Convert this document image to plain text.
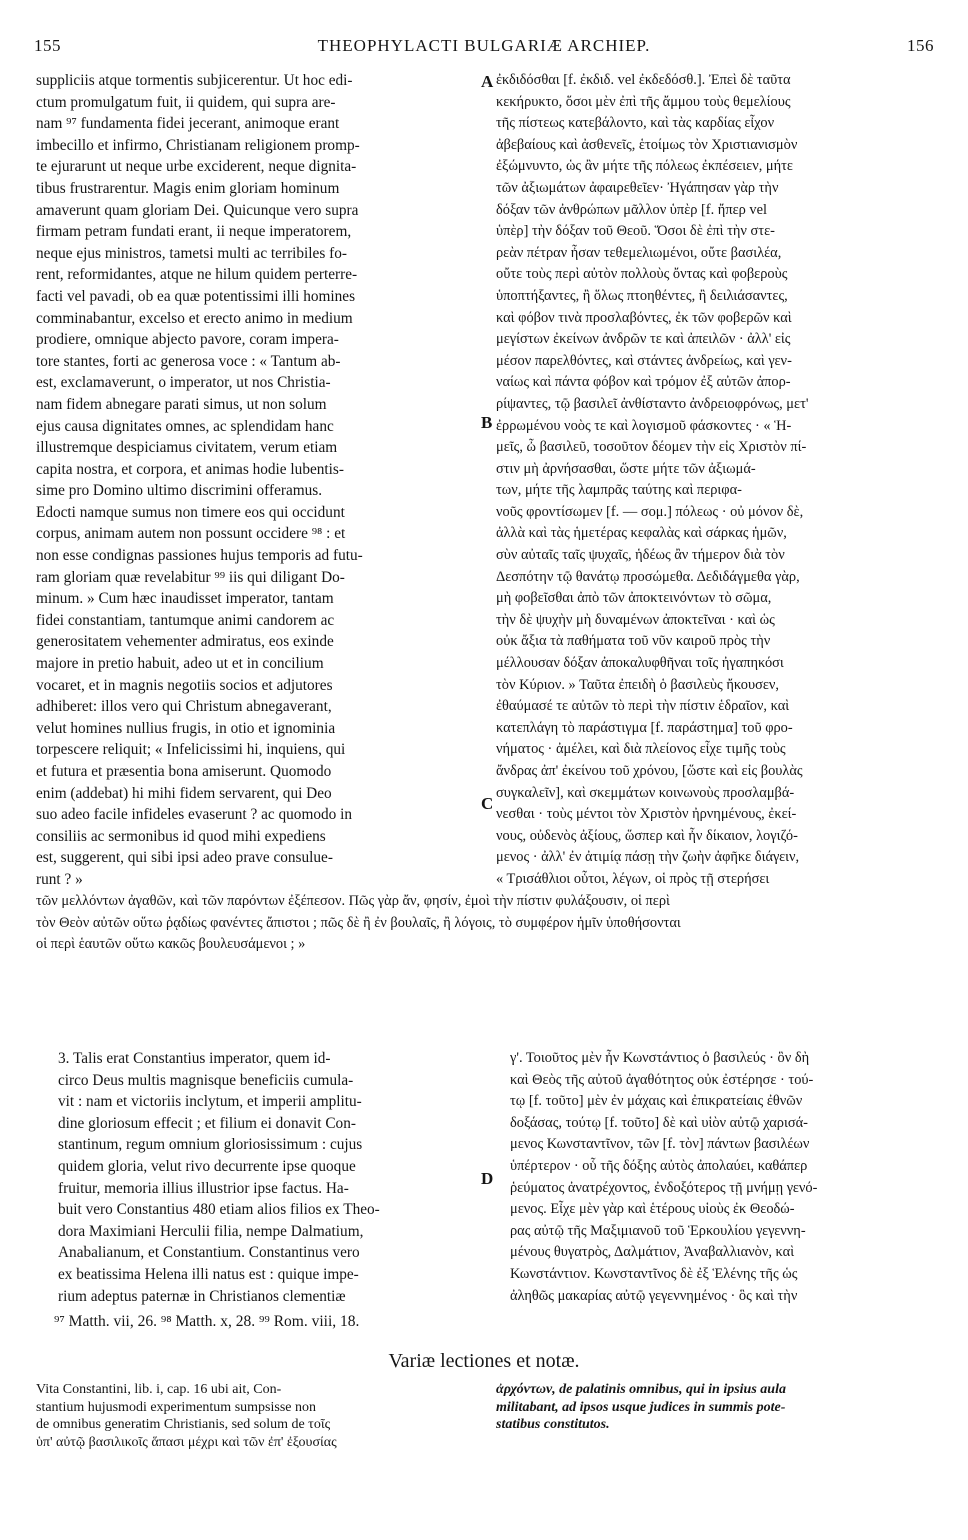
155	THEOPHYLACTI BULGARIÆ ARCHIEP.	156
suppliciis atque tormentis subjicerentur. Ut hoc edi-
ctum promulgatum fuit, ii quidem, qui supra are-
nam ⁹⁷ fundamenta fidei jecerant, animoque erant
imbecillo et infirmo, Christianam religionem promp-
te ejurarunt ut neque urbe exciderent, neque dignita-
tibus frustrarentur. Magis enim gloriam hominum
amaverunt quam gloriam Dei. Quicunque vero supra
firmam petram fundati erant, ii neque imperatorem,
neque ejus ministros, tametsi multi ac terribiles fo-
rent, reformidantes, atque ne hilum quidem perterre-
facti vel pavadi, ob ea quæ potentissimi illi homines
comminabantur, excelso et erecto animo in medium
prodiere, omnique abjecto pavore, coram impera-
tore stantes, forti ac generosa voce : « Tantum ab-
est, exclamaverunt, o imperator, ut nos Christia-
nam fidem abnegare parati simus, ut non solum
ejus causa dignitates omnes, ac splendidam hanc
illustremque despiciamus civitatem, verum etiam
capita nostra, et corpora, et animas hodie lubentis-
sime pro Domino ultimo discrimini offeramus.
Edocti namque sumus non timere eos qui occidunt
corpus, animam autem non possunt occidere ⁹⁸ : et
non esse condignas passiones hujus temporis ad futu-
ram gloriam quæ revelabitur ⁹⁹ iis qui diligant Do-
minum. » Cum hæc inaudisset imperator, tantam
fidei constantiam, tantumque animi candorem ac
generositatem vehementer admiratus, eos exinde
majore in pretio habuit, adeo ut et in concilium
vocaret, et in magnis negotiis socios et adjutores
adhiberet: illos vero qui Christum abnegaverant,
velut homines nullius frugis, in otio et ignominia
torpescere reliquit; « Infelicissimi hi, inquiens, qui
et futura et præsentia bona amiserunt. Quomodo
enim (addebat) hi mihi fidem servarent, qui Deo
suo adeo facile infideles evaserunt ? ac quomodo in
consiliis ac sermonibus id quod mihi expediens
est, suggerent, qui sibi ipsi adeo prave consulue-
runt ? »
ἐκδιδόσθαι [f. ἐκδιδ. vel ἐκδεδόσθ.]. Ἐπεὶ δὲ ταῦτα
κεκήρυκτο, ὅσοι μὲν ἐπὶ τῆς ἄμμου τοὺς θεμελίους
τῆς πίστεως κατεβάλοντο, καὶ τὰς καρδίας εἶχον
ἀβεβαίους καὶ ἀσθενεῖς, ἑτοίμως τὸν Χριστιανισμὸν
ἐξώμνυντο, ὡς ἂν μήτε τῆς πόλεως ἐκπέσειεν, μήτε
τῶν ἀξιωμάτων ἀφαιρεθεῖεν· Ἠγάπησαν γὰρ τὴν
δόξαν τῶν ἀνθρώπων μᾶλλον ὑπὲρ [f. ἤπερ vel
ὑπὲρ] τὴν δόξαν τοῦ Θεοῦ. Ὅσοι δὲ ἐπὶ τὴν στε-
ρεὰν πέτραν ἦσαν τεθεμελιωμένοι, οὔτε βασιλέα,
οὔτε τοὺς περὶ αὐτὸν πολλοὺς ὄντας καὶ φοβεροὺς
ὑποπτήξαντες, ἢ ὅλως πτοηθέντες, ἢ δειλιάσαντες,
καὶ φόβον τινὰ προσλαβόντες, ἐκ τῶν φοβερῶν καὶ
μεγίστων ἐκείνων ἀνδρῶν τε καὶ ἀπειλῶν · ἀλλ' εἰς
μέσον παρελθόντες, καὶ στάντες ἀνδρείως, καὶ γεν-
ναίως καὶ πάντα φόβον καὶ τρόμον ἐξ αὐτῶν ἀπορ-
ρίψαντες, τῷ βασιλεῖ ἀνθίσταντο ἀνδρειοφρόνως, μετ'
ἐρρωμένου νοὸς τε καὶ λογισμοῦ φάσκοντες · « Ἡ-
μεῖς, ὦ βασιλεῦ, τοσοῦτον δέομεν τὴν εἰς Χριστὸν πί-
στιν μὴ ἀρνήσασθαι, ὥστε μήτε τῶν ἀξιωμά-
των, μήτε τῆς λαμπρᾶς ταύτης καὶ περιφα-
νοῦς φροντίσωμεν [f. — σομ.] πόλεως · οὐ μόνον δὲ,
ἀλλὰ καὶ τὰς ἡμετέρας κεφαλὰς καὶ σάρκας ἡμῶν,
σὺν αὐταῖς ταῖς ψυχαῖς, ἡδέως ἂν τήμερον διὰ τὸν
Δεσπότην τῷ θανάτῳ προσώμεθα. Δεδιδάγμεθα γὰρ,
μὴ φοβεῖσθαι ἀπὸ τῶν ἀποκτεινόντων τὸ σῶμα,
τὴν δὲ ψυχὴν μὴ δυναμένων ἀποκτεῖναι · καὶ ὡς
οὐκ ἄξια τὰ παθήματα τοῦ νῦν καιροῦ πρὸς τὴν
μέλλουσαν δόξαν ἀποκαλυφθῆναι τοῖς ἠγαπηκόσι
τὸν Κύριον. » Ταῦτα ἐπειδὴ ὁ βασιλεὺς ἤκουσεν,
ἐθαύμασέ τε αὐτῶν τὸ περὶ τὴν πίστιν ἑδραῖον, καὶ
κατεπλάγη τὸ παράστιγμα [f. παράστημα] τοῦ φρο-
νήματος · ἀμέλει, καὶ διὰ πλείονος εἶχε τιμῆς τοὺς
ἄνδρας ἀπ' ἐκείνου τοῦ χρόνου, [ὥστε καὶ εἰς βουλὰς
συγκαλεῖν], καὶ σκεμμάτων κοινωνοὺς προσλαμβά-
νεσθαι · τοὺς μέντοι τὸν Χριστὸν ἠρνημένους, ἐκεί-
νους, οὐδενὸς ἀξίους, ὥσπερ καὶ ἦν δίκαιον, λογιζό-
μενος · ἀλλ' ἐν ἀτιμίᾳ πάσῃ τὴν ζωὴν ἀφῆκε διάγειν,
« Τρισάθλιοι οὗτοι, λέγων, οἱ πρὸς τῇ στερήσει
A
B
C
D
τῶν μελλόντων ἀγαθῶν, καὶ τῶν παρόντων ἐξέπεσον. Πῶς γὰρ ἄν, φησίν, ἐμοὶ τὴν πίστιν φυλάξουσιν, οἱ περὶ
τὸν Θεὸν αὐτῶν οὕτω ῥᾳδίως φανέντες ἄπιστοι ; πῶς δὲ ἢ ἐν βουλαῖς, ἢ λόγοις, τὸ συμφέρον ἡμῖν ὑποθήσονται
οἱ περὶ ἑαυτῶν οὕτω κακῶς βουλευσάμενοι ; »
3. Talis erat Constantius imperator, quem id-
circo Deus multis magnisque beneficiis cumula-
vit : nam et victoriis inclytum, et imperii amplitu-
dine gloriosum effecit ; et filium ei donavit Con-
stantinum, regum omnium gloriosissimum : cujus
quidem gloria, velut rivo decurrente ipse quoque
fruitur, memoria illius illustrior ipse factus. Ha-
buit vero Constantius 480 etiam alios filios ex Theo-
dora Maximiani Herculii filia, nempe Dalmatium,
Anabalianum, et Constantium. Constantinus vero
ex beatissima Helena illi natus est : quique impe-
rium adeptus paternæ in Christianos clementiæ
γ'. Τοιοῦτος μὲν ἦν Κωνστάντιος ὁ βασιλεύς · ὃν δὴ
καὶ Θεὸς τῆς αὐτοῦ ἀγαθότητος οὐκ ἐστέρησε · τού-
τῳ [f. τοῦτο] μὲν ἐν μάχαις καὶ ἐπικρατείαις ἐθνῶν
δοξάσας, τούτῳ [f. τοῦτο] δὲ καὶ υἱὸν αὐτῷ χαρισά-
μενος Κωνσταντῖνον, τῶν [f. τὸν] πάντων βασιλέων
ὑπέρτερον · οὗ τῆς δόξης αὐτὸς ἀπολαύει, καθάπερ
ῥεύματος ἀνατρέχοντος, ἐνδοξότερος τῇ μνήμῃ γενό-
μενος. Εἶχε μὲν γὰρ καὶ ἑτέρους υἱοὺς ἐκ Θεοδώ-
ρας αὐτῷ τῆς Μαξιμιανοῦ τοῦ Ἑρκουλίου γεγεννη-
μένους θυγατρὸς, Δαλμάτιον, Ἀναβαλλιανὸν, καὶ
Κωνστάντιον. Κωνσταντῖνος δὲ ἐξ Ἑλένης τῆς ὡς
ἀληθῶς μακαρίας αὐτῷ γεγεννημένος · ὃς καὶ τὴν
⁹⁷ Matth. vii, 26. ⁹⁸ Matth. x, 28. ⁹⁹ Rom. viii, 18.
Variæ lectiones et notæ.
Vita Constantini, lib. i, cap. 16 ubi ait, Con-
stantium hujusmodi experimentum sumpsisse non
de omnibus generatim Christianis, sed solum de τοῖς
ὑπ' αὐτῷ βασιλικοῖς ἅπασι μέχρι καὶ τῶν ἐπ' ἐξουσίας
ἀρχόντων, de palatinis omnibus, qui in ipsius aula
militabant, ad ipsos usque judices in summis pote-
statibus constitutos.
